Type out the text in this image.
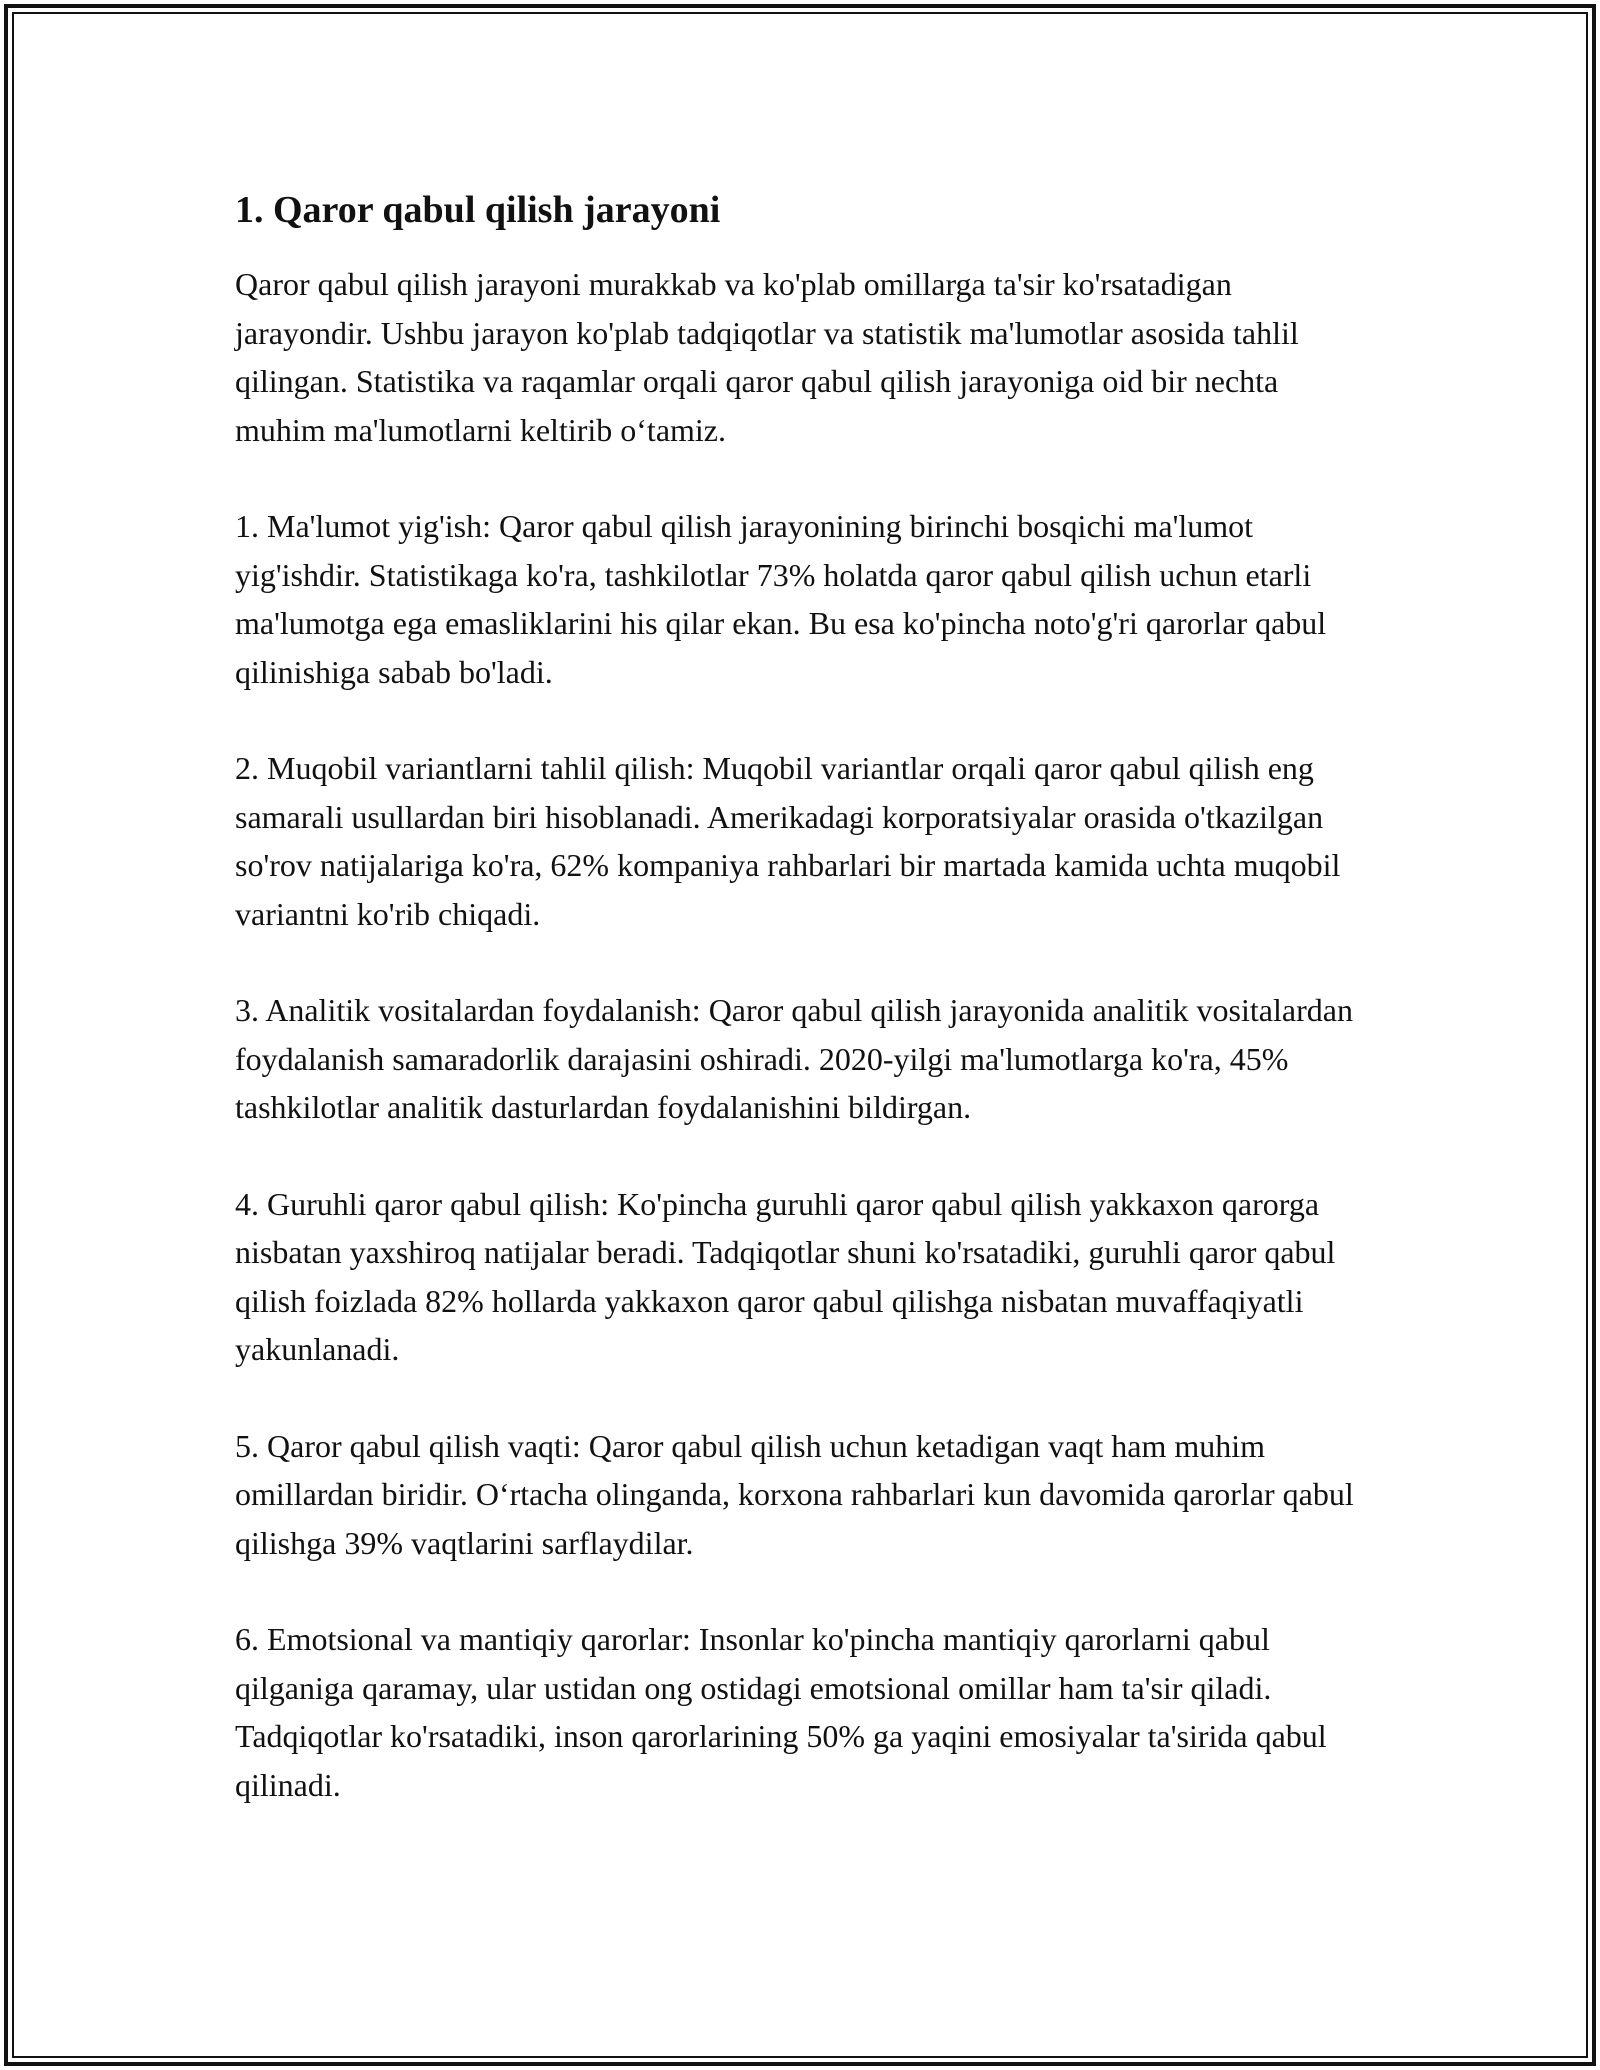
1. Qaror qabul qilish jarayoni

Qaror qabul qilish jarayoni murakkab va ko'plab omillarga ta'sir ko'rsatadigan jarayondir. Ushbu jarayon ko'plab tadqiqotlar va statistik ma'lumotlar asosida tahlil qilingan. Statistika va raqamlar orqali qaror qabul qilish jarayoniga oid bir nechta muhim ma'lumotlarni keltirib o‘tamiz.

1. Ma'lumot yig'ish: Qaror qabul qilish jarayonining birinchi bosqichi ma'lumot yig'ishdir. Statistikaga ko'ra, tashkilotlar 73% holatda qaror qabul qilish uchun etarli ma'lumotga ega emasliklarini his qilar ekan. Bu esa ko'pincha noto'g'ri qarorlar qabul qilinishiga sabab bo'ladi.

2. Muqobil variantlarni tahlil qilish: Muqobil variantlar orqali qaror qabul qilish eng samarali usullardan biri hisoblanadi. Amerikadagi korporatsiyalar orasida o'tkazilgan so'rov natijalariga ko'ra, 62% kompaniya rahbarlari bir martada kamida uchta muqobil variantni ko'rib chiqadi.

3. Analitik vositalardan foydalanish: Qaror qabul qilish jarayonida analitik vositalardan foydalanish samaradorlik darajasini oshiradi. 2020-yilgi ma'lumotlarga ko'ra, 45% tashkilotlar analitik dasturlardan foydalanishini bildirgan.

4. Guruhli qaror qabul qilish: Ko'pincha guruhli qaror qabul qilish yakkaxon qarorga nisbatan yaxshiroq natijalar beradi. Tadqiqotlar shuni ko'rsatadiki, guruhli qaror qabul qilish foizlada 82% hollarda yakkaxon qaror qabul qilishga nisbatan muvaffaqiyatli yakunlanadi.

5. Qaror qabul qilish vaqti: Qaror qabul qilish uchun ketadigan vaqt ham muhim omillardan biridir. O‘rtacha olinganda, korxona rahbarlari kun davomida qarorlar qabul qilishga 39% vaqtlarini sarflaydilar.

6. Emotsional va mantiqiy qarorlar: Insonlar ko'pincha mantiqiy qarorlarni qabul qilganiga qaramay, ular ustidan ong ostidagi emotsional omillar ham ta'sir qiladi. Tadqiqotlar ko'rsatadiki, inson qarorlarining 50% ga yaqini emosiyalar ta'sirida qabul qilinadi.
